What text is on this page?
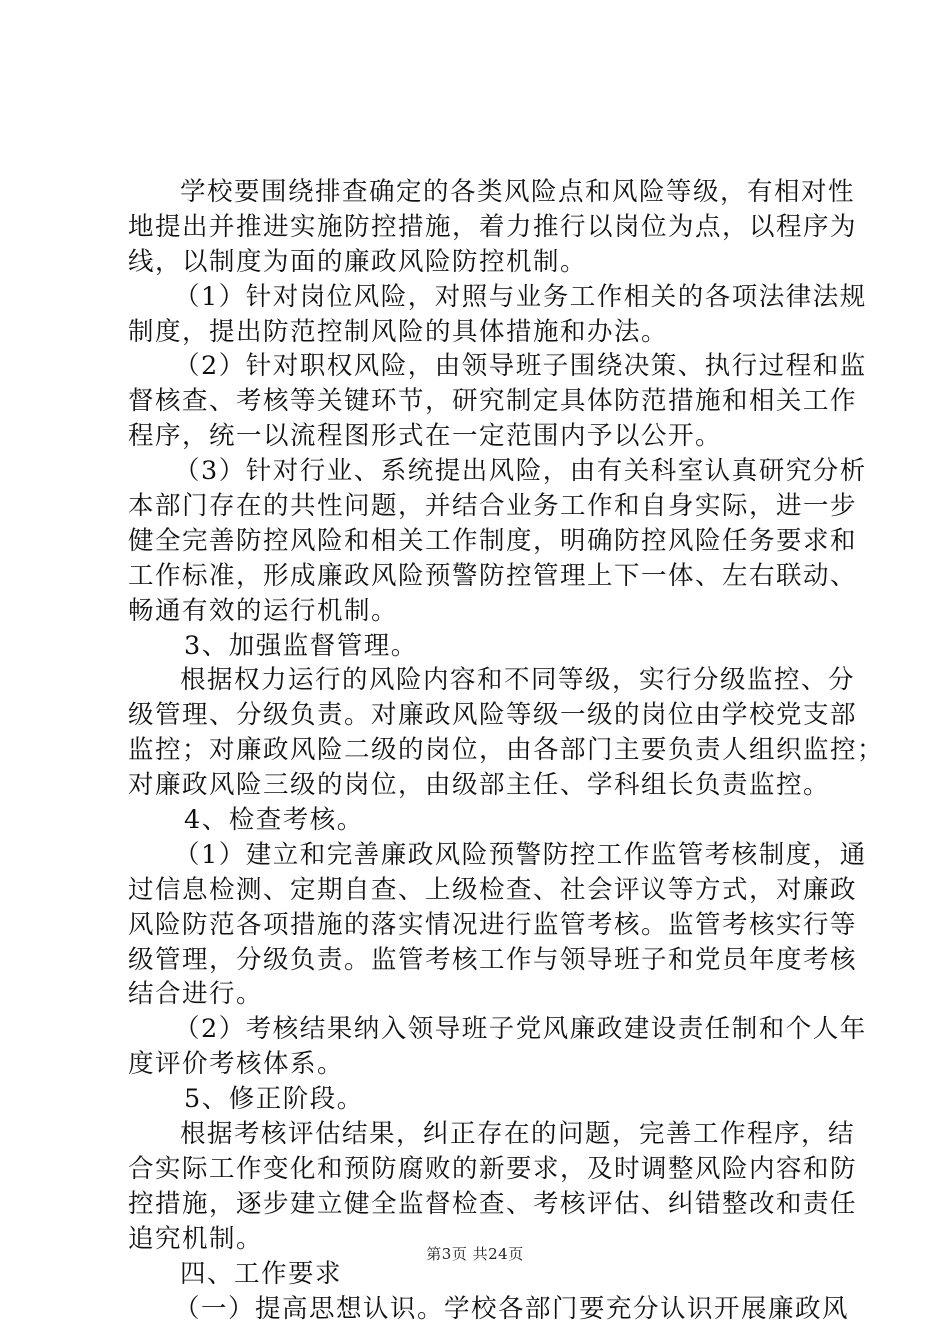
学校要围绕排查确定的各类风险点和风险等级，有相对性
地提出并推进实施防控措施，着力推行以岗位为点，以程序为
线，以制度为面的廉政风险防控机制。
（1）针对岗位风险，对照与业务工作相关的各项法律法规
制度，提出防范控制风险的具体措施和办法。
（2）针对职权风险，由领导班子围绕决策、执行过程和监
督核查、考核等关键环节，研究制定具体防范措施和相关工作
程序，统一以流程图形式在一定范围内予以公开。
（3）针对行业、系统提出风险，由有关科室认真研究分析
本部门存在的共性问题，并结合业务工作和自身实际，进一步
健全完善防控风险和相关工作制度，明确防控风险任务要求和
工作标准，形成廉政风险预警防控管理上下一体、左右联动、
畅通有效的运行机制。
3、加强监督管理。
根据权力运行的风险内容和不同等级，实行分级监控、分
级管理、分级负责。对廉政风险等级一级的岗位由学校党支部
监控；对廉政风险二级的岗位，由各部门主要负责人组织监控；
对廉政风险三级的岗位，由级部主任、学科组长负责监控。
4、检查考核。
（1）建立和完善廉政风险预警防控工作监管考核制度，通
过信息检测、定期自查、上级检查、社会评议等方式，对廉政
风险防范各项措施的落实情况进行监管考核。监管考核实行等
级管理，分级负责。监管考核工作与领导班子和党员年度考核
结合进行。
（2）考核结果纳入领导班子党风廉政建设责任制和个人年
度评价考核体系。
5、修正阶段。
根据考核评估结果，纠正存在的问题，完善工作程序，结
合实际工作变化和预防腐败的新要求，及时调整风险内容和防
控措施，逐步建立健全监督检查、考核评估、纠错整改和责任
追究机制。
四、工作要求
（一）提高思想认识。学校各部门要充分认识开展廉政风
第3页 共24页
